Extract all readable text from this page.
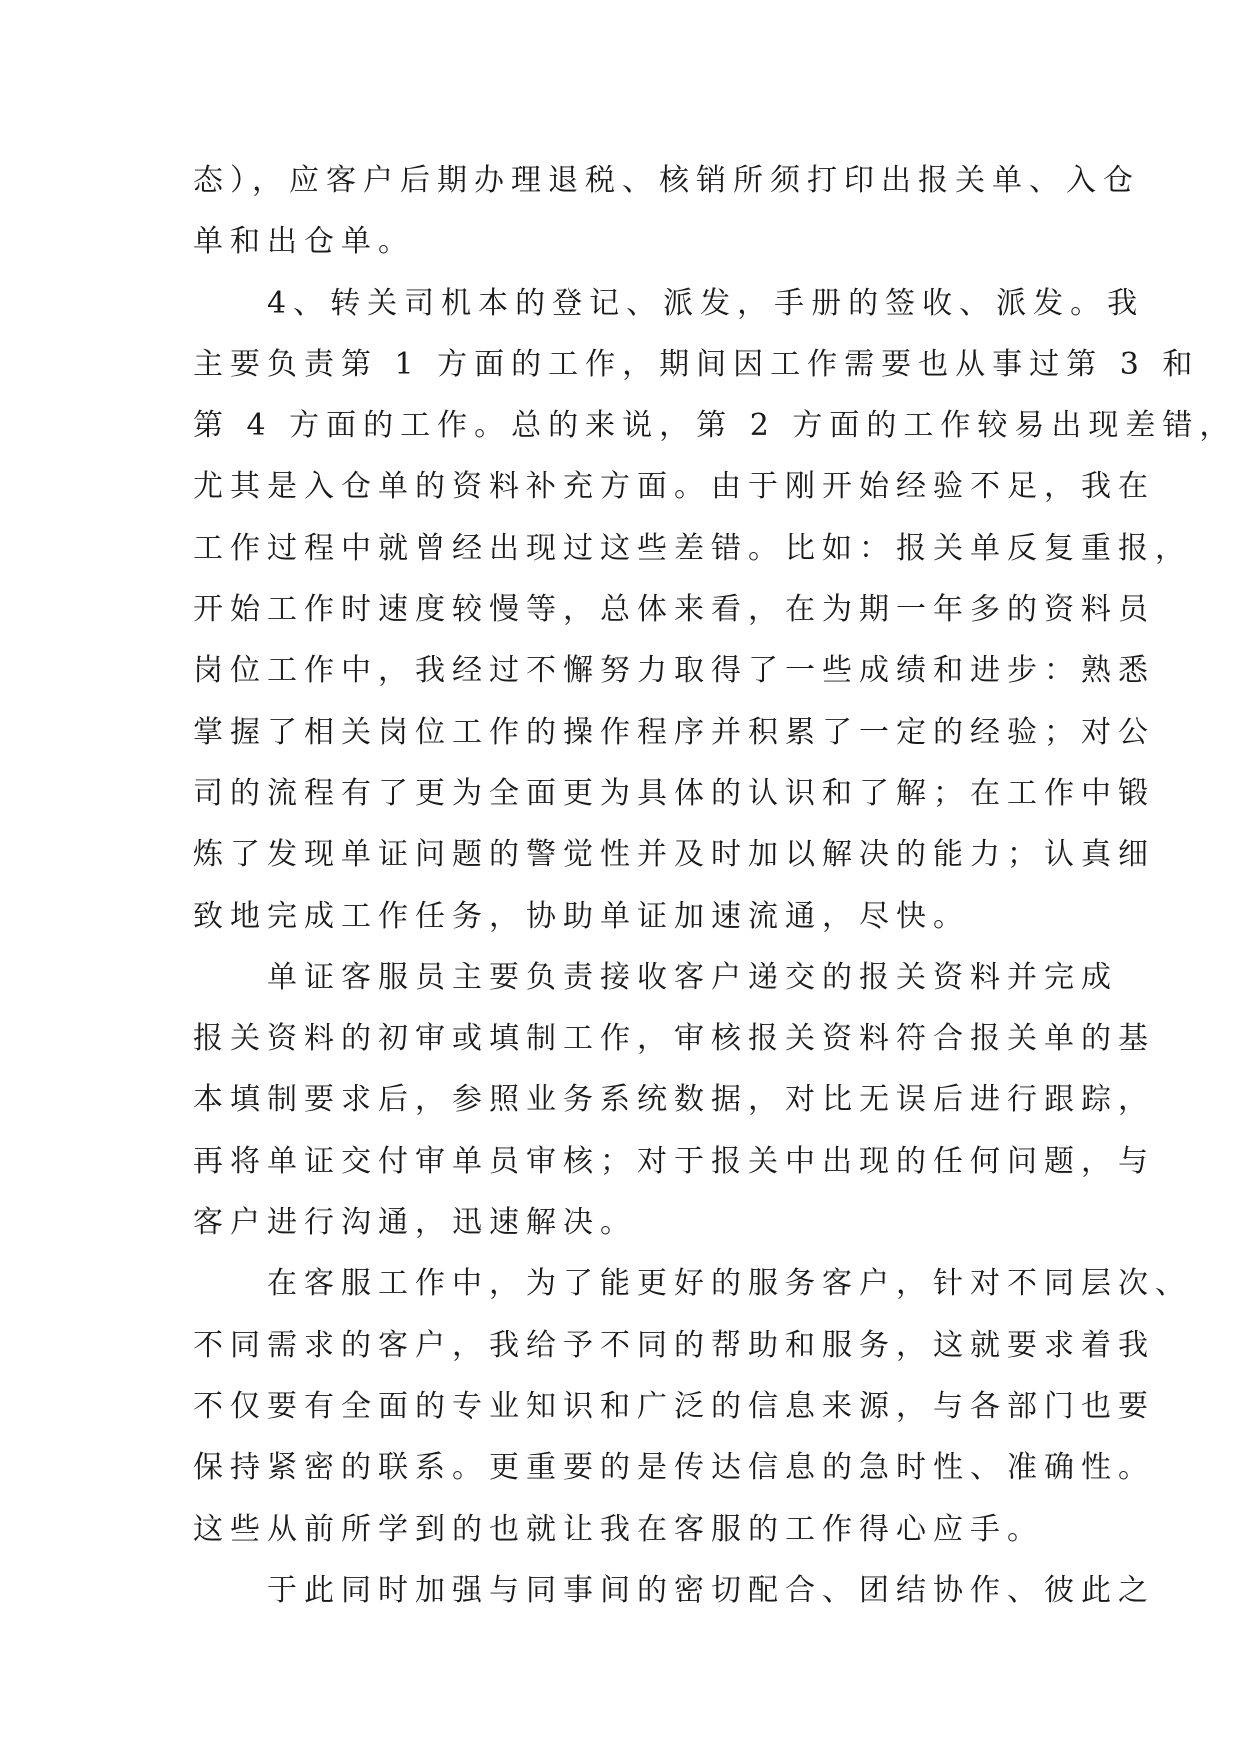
态），应客户后期办理退税、核销所须打印出报关单、入仓
单和出仓单。
　　4、转关司机本的登记、派发，手册的签收、派发。我
主要负责第 1 方面的工作，期间因工作需要也从事过第 3 和
第 4 方面的工作。总的来说，第 2 方面的工作较易出现差错，
尤其是入仓单的资料补充方面。由于刚开始经验不足，我在
工作过程中就曾经出现过这些差错。比如：报关单反复重报，
开始工作时速度较慢等，总体来看，在为期一年多的资料员
岗位工作中，我经过不懈努力取得了一些成绩和进步：熟悉
掌握了相关岗位工作的操作程序并积累了一定的经验；对公
司的流程有了更为全面更为具体的认识和了解；在工作中锻
炼了发现单证问题的警觉性并及时加以解决的能力；认真细
致地完成工作任务，协助单证加速流通，尽快。
　　单证客服员主要负责接收客户递交的报关资料并完成
报关资料的初审或填制工作，审核报关资料符合报关单的基
本填制要求后，参照业务系统数据，对比无误后进行跟踪，
再将单证交付审单员审核；对于报关中出现的任何问题，与
客户进行沟通，迅速解决。
　　在客服工作中，为了能更好的服务客户，针对不同层次、
不同需求的客户，我给予不同的帮助和服务，这就要求着我
不仅要有全面的专业知识和广泛的信息来源，与各部门也要
保持紧密的联系。更重要的是传达信息的急时性、准确性。
这些从前所学到的也就让我在客服的工作得心应手。
　　于此同时加强与同事间的密切配合、团结协作、彼此之
